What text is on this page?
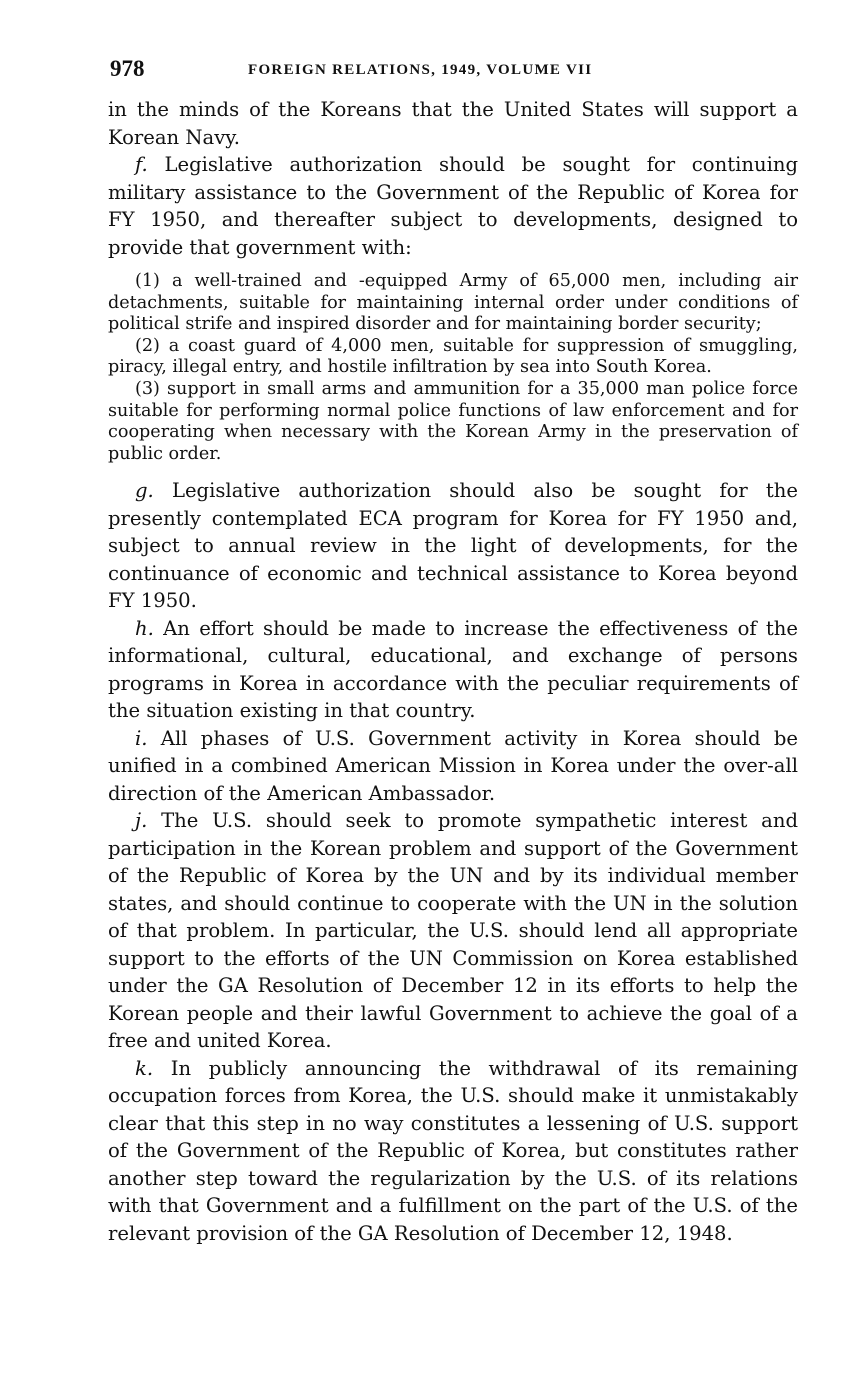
978	FOREIGN RELATIONS, 1949, VOLUME VII

in the minds of the Koreans that the United States will support a Korean Navy.

f. Legislative authorization should be sought for continuing military assistance to the Government of the Republic of Korea for FY 1950, and thereafter subject to developments, designed to provide that government with:

(1) a well-trained and -equipped Army of 65,000 men, including air detachments, suitable for maintaining internal order under conditions of political strife and inspired disorder and for maintaining border security;

(2) a coast guard of 4,000 men, suitable for suppression of smuggling, piracy, illegal entry, and hostile infiltration by sea into South Korea.

(3) support in small arms and ammunition for a 35,000 man police force suitable for performing normal police functions of law enforcement and for cooperating when necessary with the Korean Army in the preservation of public order.

g. Legislative authorization should also be sought for the presently contemplated ECA program for Korea for FY 1950 and, subject to annual review in the light of developments, for the continuance of economic and technical assistance to Korea beyond FY 1950.

h. An effort should be made to increase the effectiveness of the informational, cultural, educational, and exchange of persons programs in Korea in accordance with the peculiar requirements of the situation existing in that country.

i. All phases of U.S. Government activity in Korea should be unified in a combined American Mission in Korea under the over-all direction of the American Ambassador.

j. The U.S. should seek to promote sympathetic interest and participation in the Korean problem and support of the Government of the Republic of Korea by the UN and by its individual member states, and should continue to cooperate with the UN in the solution of that problem. In particular, the U.S. should lend all appropriate support to the efforts of the UN Commission on Korea established under the GA Resolution of December 12 in its efforts to help the Korean people and their lawful Government to achieve the goal of a free and united Korea.

k. In publicly announcing the withdrawal of its remaining occupation forces from Korea, the U.S. should make it unmistakably clear that this step in no way constitutes a lessening of U.S. support of the Government of the Republic of Korea, but constitutes rather another step toward the regularization by the U.S. of its relations with that Government and a fulfillment on the part of the U.S. of the relevant provision of the GA Resolution of December 12, 1948.
